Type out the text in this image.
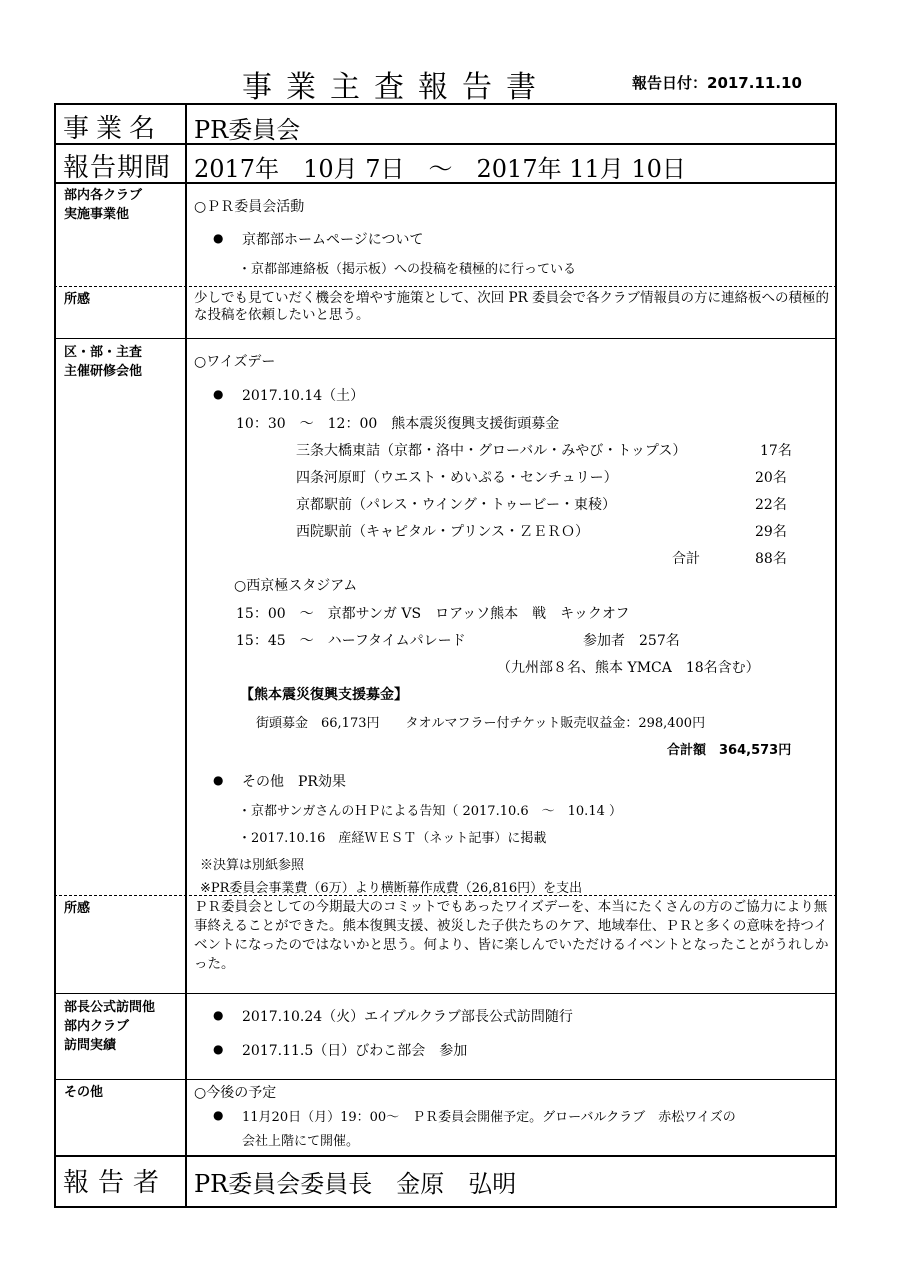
事業主査報告書	報告日付：2017.11.10
事業名 PR委員会
報告期間 2017年　10月 7日　～　2017年 11月 10日
部内各クラブ
実施事業他	○ＰＲ委員会活動
● 京都部ホームページについて
・京都部連絡板（掲示板）への投稿を積極的に行っている
所感	少しでも見ていだく機会を増やす施策として、次回 PR 委員会で各クラブ情報員の方に連絡板への積極的な投稿を依頼したいと思う。
区・部・主査
主催研修会他
○ワイズデー
● 2017.10.14（土）
10：30　～　12：00　熊本震災復興支援街頭募金
三条大橋東詰（京都・洛中・グローバル・みやび・トップス）	17名
四条河原町（ウエスト・めいぷる・センチュリー）	20名
京都駅前（パレス・ウイング・トゥービー・東稜）	22名
西院駅前（キャピタル・プリンス・ＺＥＲＯ）	29名
合計	88名
○西京極スタジアム
15：00　～　京都サンガ VS　ロアッソ熊本　戦　キックオフ
15：45　～　ハーフタイムパレード	参加者　257名
（九州部８名、熊本 YMCA　18名含む）
【熊本震災復興支援募金】
街頭募金　66,173円　　タオルマフラー付チケット販売収益金：298,400円
合計額　364,573円
● その他　PR効果
・京都サンガさんのＨＰによる告知（ 2017.10.6　～　10.14 ）
・2017.10.16　産経ＷＥＳＴ（ネット記事）に掲載
※決算は別紙参照
※PR委員会事業費（6万）より横断幕作成費（26,816円）を支出
所感	ＰＲ委員会としての今期最大のコミットでもあったワイズデーを、本当にたくさんの方のご協力により無事終えることができた。熊本復興支援、被災した子供たちのケア、地域奉仕、ＰＲと多くの意味を持つイベントになったのではないかと思う。何より、皆に楽しんでいただけるイベントとなったことがうれしかった。
部長公式訪問他
部内クラブ
訪問実績
● 2017.10.24（火）エイブルクラブ部長公式訪問随行
● 2017.11.5（日）びわこ部会　参加
その他	○今後の予定
● 11月20日（月）19：00～　ＰＲ委員会開催予定。グローバルクラブ　赤松ワイズの
会社上階にて開催。
報告者 PR委員会委員長　金原　弘明
